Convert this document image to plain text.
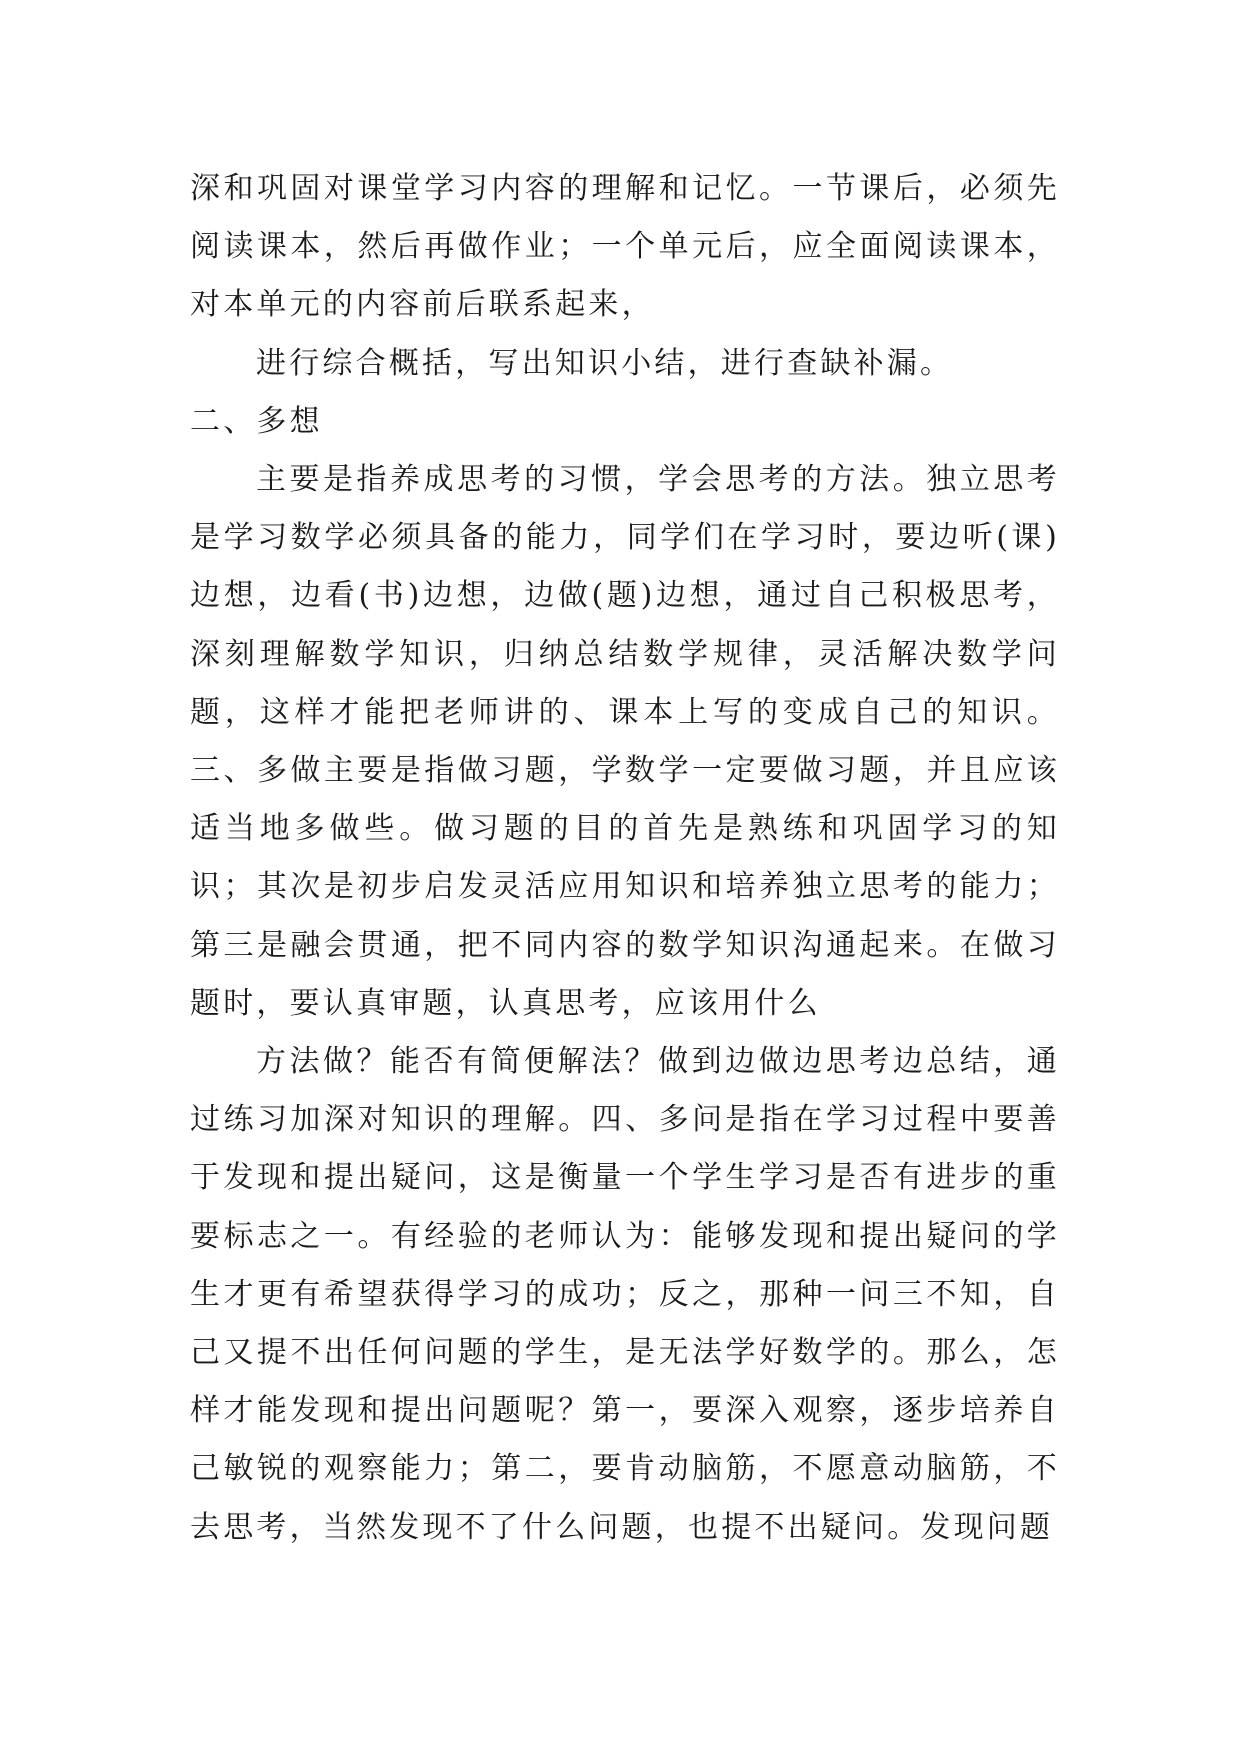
深和巩固对课堂学习内容的理解和记忆。一节课后，必须先阅读课本，然后再做作业；一个单元后，应全面阅读课本，对本单元的内容前后联系起来，

进行综合概括，写出知识小结，进行查缺补漏。

二、多想

主要是指养成思考的习惯，学会思考的方法。独立思考是学习数学必须具备的能力，同学们在学习时，要边听(课)边想，边看(书)边想，边做(题)边想，通过自己积极思考，深刻理解数学知识，归纳总结数学规律，灵活解决数学问题，这样才能把老师讲的、课本上写的变成自己的知识。三、多做主要是指做习题，学数学一定要做习题，并且应该适当地多做些。做习题的目的首先是熟练和巩固学习的知识；其次是初步启发灵活应用知识和培养独立思考的能力；第三是融会贯通，把不同内容的数学知识沟通起来。在做习题时，要认真审题，认真思考，应该用什么

方法做？能否有简便解法？做到边做边思考边总结，通过练习加深对知识的理解。四、多问是指在学习过程中要善于发现和提出疑问，这是衡量一个学生学习是否有进步的重要标志之一。有经验的老师认为：能够发现和提出疑问的学生才更有希望获得学习的成功；反之，那种一问三不知，自己又提不出任何问题的学生，是无法学好数学的。那么，怎样才能发现和提出问题呢？第一，要深入观察，逐步培养自己敏锐的观察能力；第二，要肯动脑筋，不愿意动脑筋，不去思考，当然发现不了什么问题，也提不出疑问。发现问题
